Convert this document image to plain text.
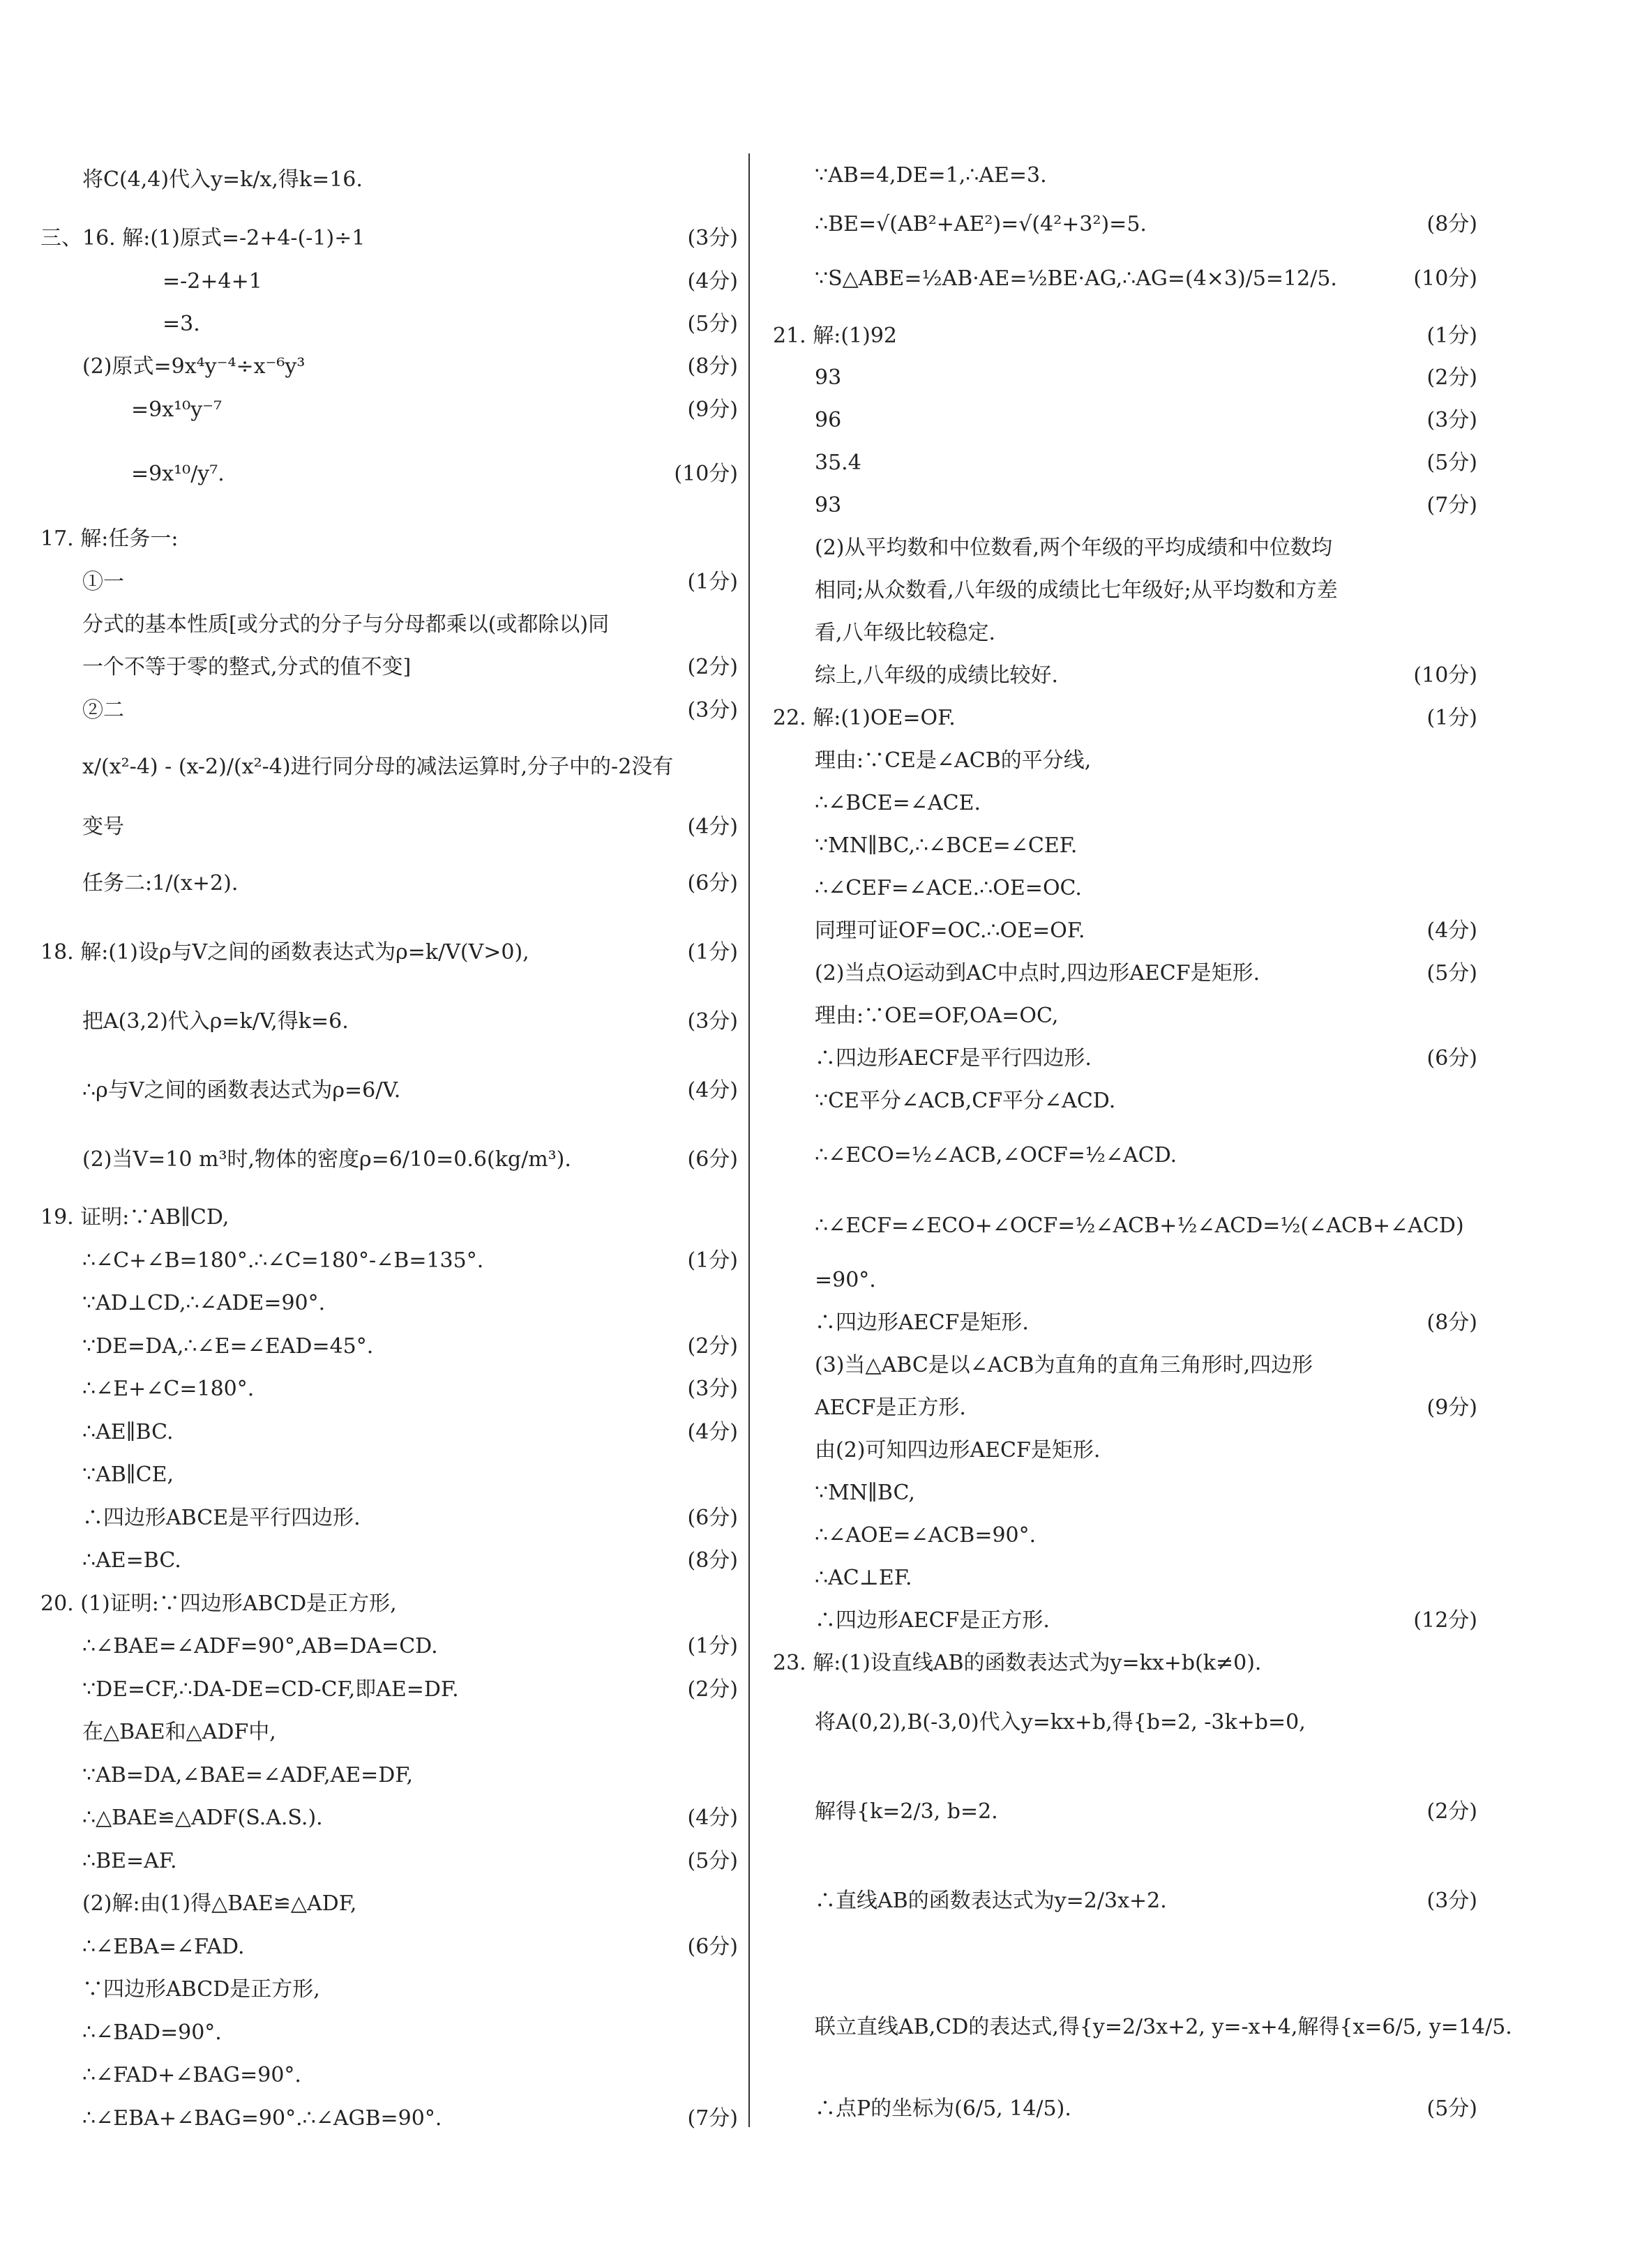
将C(4,4)代入y=k/x,得k=16.
三、16. 解:(1)原式=-2+4-(-1)÷1	(3分)
=-2+4+1	(4分)
=3.	(5分)
(2)原式=9x⁴y⁻⁴÷x⁻⁶y³	(8分)
=9x¹⁰y⁻⁷	(9分)
=9x¹⁰/y⁷.	(10分)
17. 解:任务一:
①一	(1分)
分式的基本性质[或分式的分子与分母都乘以(或都除以)同
一个不等于零的整式,分式的值不变]	(2分)
②二	(3分)
x/(x²-4) - (x-2)/(x²-4)进行同分母的减法运算时,分子中的-2没有
变号	(4分)
任务二:1/(x+2).	(6分)
18. 解:(1)设ρ与V之间的函数表达式为ρ=k/V(V>0),	(1分)
把A(3,2)代入ρ=k/V,得k=6.	(3分)
∴ρ与V之间的函数表达式为ρ=6/V.	(4分)
(2)当V=10 m³时,物体的密度ρ=6/10=0.6(kg/m³).	(6分)
19. 证明:∵AB∥CD,
∴∠C+∠B=180°.∴∠C=180°-∠B=135°.	(1分)
∵AD⊥CD,∴∠ADE=90°.
∵DE=DA,∴∠E=∠EAD=45°.	(2分)
∴∠E+∠C=180°.	(3分)
∴AE∥BC.	(4分)
∵AB∥CE,
∴四边形ABCE是平行四边形.	(6分)
∴AE=BC.	(8分)
20. (1)证明:∵四边形ABCD是正方形,
∴∠BAE=∠ADF=90°,AB=DA=CD.	(1分)
∵DE=CF,∴DA-DE=CD-CF,即AE=DF.	(2分)
在△BAE和△ADF中,
∵AB=DA,∠BAE=∠ADF,AE=DF,
∴△BAE≌△ADF(S.A.S.).	(4分)
∴BE=AF.	(5分)
(2)解:由(1)得△BAE≌△ADF,
∴∠EBA=∠FAD.	(6分)
∵四边形ABCD是正方形,
∴∠BAD=90°.
∴∠FAD+∠BAG=90°.
∴∠EBA+∠BAG=90°.∴∠AGB=90°.	(7分)
∵AB=4,DE=1,∴AE=3.
∴BE=√(AB²+AE²)=√(4²+3²)=5.	(8分)
∵S△ABE=½AB·AE=½BE·AG,∴AG=(4×3)/5=12/5.	(10分)
21. 解:(1)92	(1分)
93	(2分)
96	(3分)
35.4	(5分)
93	(7分)
(2)从平均数和中位数看,两个年级的平均成绩和中位数均
相同;从众数看,八年级的成绩比七年级好;从平均数和方差
看,八年级比较稳定.
综上,八年级的成绩比较好.	(10分)
22. 解:(1)OE=OF.	(1分)
理由:∵CE是∠ACB的平分线,
∴∠BCE=∠ACE.
∵MN∥BC,∴∠BCE=∠CEF.
∴∠CEF=∠ACE.∴OE=OC.
同理可证OF=OC.∴OE=OF.	(4分)
(2)当点O运动到AC中点时,四边形AECF是矩形.	(5分)
理由:∵OE=OF,OA=OC,
∴四边形AECF是平行四边形.	(6分)
∵CE平分∠ACB,CF平分∠ACD.
∴∠ECO=½∠ACB,∠OCF=½∠ACD.
∴∠ECF=∠ECO+∠OCF=½∠ACB+½∠ACD=½(∠ACB+∠ACD)
=90°.
∴四边形AECF是矩形.	(8分)
(3)当△ABC是以∠ACB为直角的直角三角形时,四边形
AECF是正方形.	(9分)
由(2)可知四边形AECF是矩形.
∵MN∥BC,
∴∠AOE=∠ACB=90°.
∴AC⊥EF.
∴四边形AECF是正方形.	(12分)
23. 解:(1)设直线AB的函数表达式为y=kx+b(k≠0).
将A(0,2),B(-3,0)代入y=kx+b,得{b=2, -3k+b=0,
解得{k=2/3, b=2.	(2分)
∴直线AB的函数表达式为y=2/3x+2.	(3分)
联立直线AB,CD的表达式,得{y=2/3x+2, y=-x+4,解得{x=6/5, y=14/5.
∴点P的坐标为(6/5, 14/5).	(5分)
